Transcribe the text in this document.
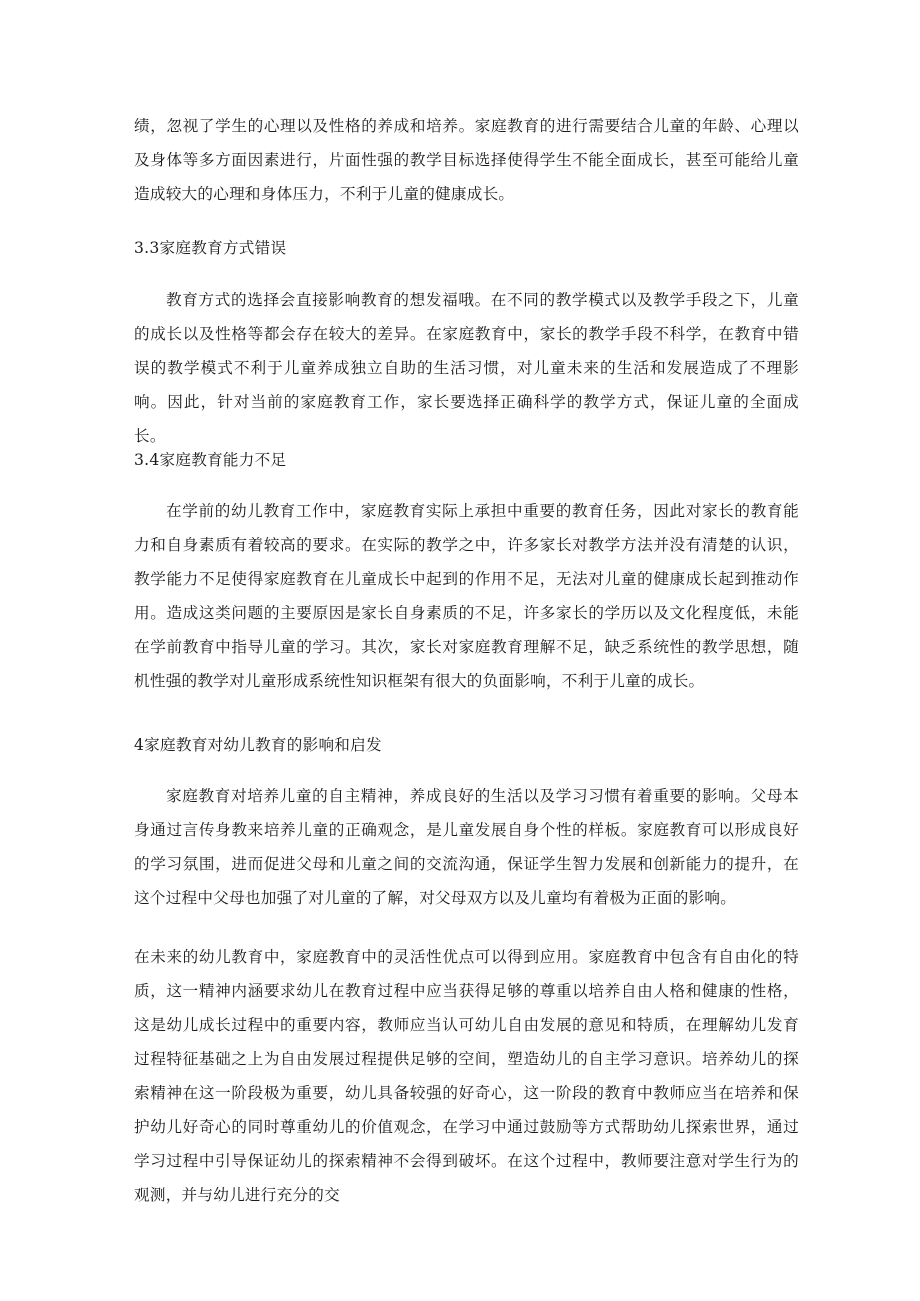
绩，忽视了学生的心理以及性格的养成和培养。家庭教育的进行需要结合儿童的年龄、心理以及身体等多方面因素进行，片面性强的教学目标选择使得学生不能全面成长，甚至可能给儿童造成较大的心理和身体压力，不利于儿童的健康成长。

3.3家庭教育方式错误

教育方式的选择会直接影响教育的想发福哦。在不同的教学模式以及教学手段之下，儿童的成长以及性格等都会存在较大的差异。在家庭教育中，家长的教学手段不科学，在教育中错误的教学模式不利于儿童养成独立自助的生活习惯，对儿童未来的生活和发展造成了不理影响。因此，针对当前的家庭教育工作，家长要选择正确科学的教学方式，保证儿童的全面成长。

3.4家庭教育能力不足

在学前的幼儿教育工作中，家庭教育实际上承担中重要的教育任务，因此对家长的教育能力和自身素质有着较高的要求。在实际的教学之中，许多家长对教学方法并没有清楚的认识，教学能力不足使得家庭教育在儿童成长中起到的作用不足，无法对儿童的健康成长起到推动作用。造成这类问题的主要原因是家长自身素质的不足，许多家长的学历以及文化程度低，未能在学前教育中指导儿童的学习。其次，家长对家庭教育理解不足，缺乏系统性的教学思想，随机性强的教学对儿童形成系统性知识框架有很大的负面影响，不利于儿童的成长。

4家庭教育对幼儿教育的影响和启发

家庭教育对培养儿童的自主精神，养成良好的生活以及学习习惯有着重要的影响。父母本身通过言传身教来培养儿童的正确观念，是儿童发展自身个性的样板。家庭教育可以形成良好的学习氛围，进而促进父母和儿童之间的交流沟通，保证学生智力发展和创新能力的提升，在这个过程中父母也加强了对儿童的了解，对父母双方以及儿童均有着极为正面的影响。

在未来的幼儿教育中，家庭教育中的灵活性优点可以得到应用。家庭教育中包含有自由化的特质，这一精神内涵要求幼儿在教育过程中应当获得足够的尊重以培养自由人格和健康的性格，这是幼儿成长过程中的重要内容，教师应当认可幼儿自由发展的意见和特质，在理解幼儿发育过程特征基础之上为自由发展过程提供足够的空间，塑造幼儿的自主学习意识。培养幼儿的探索精神在这一阶段极为重要，幼儿具备较强的好奇心，这一阶段的教育中教师应当在培养和保护幼儿好奇心的同时尊重幼儿的价值观念，在学习中通过鼓励等方式帮助幼儿探索世界，通过学习过程中引导保证幼儿的探索精神不会得到破坏。在这个过程中，教师要注意对学生行为的观测，并与幼儿进行充分的交
